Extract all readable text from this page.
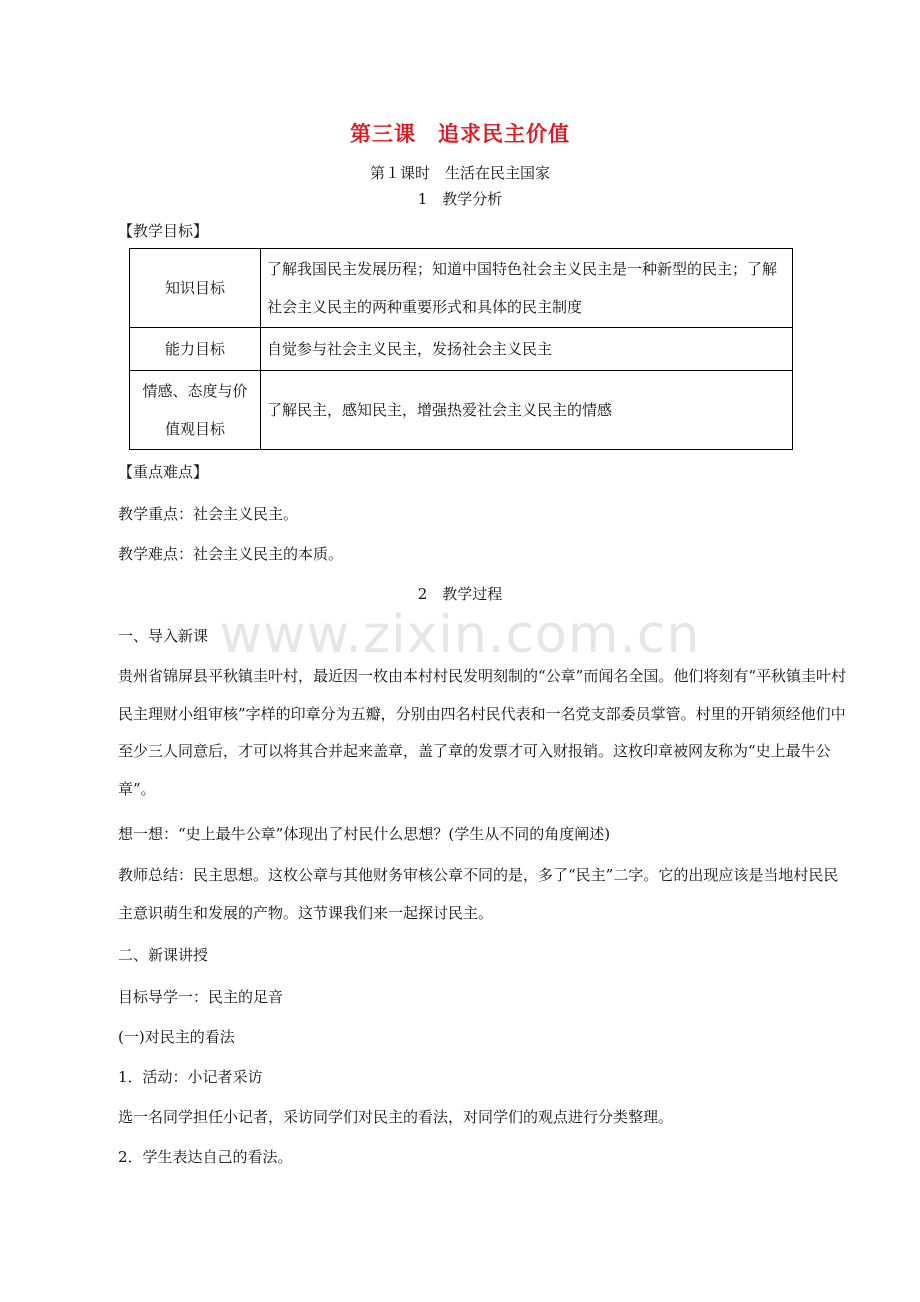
第三课　追求民主价值
第１课时　生活在民主国家
1　教学分析
【教学目标】
知识目标	了解我国民主发展历程；知道中国特色社会主义民主是一种新型的民主；了解社会主义民主的两种重要形式和具体的民主制度
能力目标	自觉参与社会主义民主，发扬社会主义民主
情感、态度与价值观目标	了解民主，感知民主，增强热爱社会主义民主的情感
【重点难点】
教学重点：社会主义民主。
教学难点：社会主义民主的本质。
2　教学过程
www.zixin.com.cn
一、导入新课
贵州省锦屏县平秋镇圭叶村，最近因一枚由本村村民发明刻制的“公章”而闻名全国。他们将刻有“平秋镇圭叶村民主理财小组审核”字样的印章分为五瓣，分别由四名村民代表和一名党支部委员掌管。村里的开销须经他们中至少三人同意后，才可以将其合并起来盖章，盖了章的发票才可入财报销。这枚印章被网友称为“史上最牛公章”。
想一想：“史上最牛公章”体现出了村民什么思想？(学生从不同的角度阐述)
教师总结：民主思想。这枚公章与其他财务审核公章不同的是，多了“民主”二字。它的出现应该是当地村民民主意识萌生和发展的产物。这节课我们来一起探讨民主。
二、新课讲授
目标导学一：民主的足音
(一)对民主的看法
1．活动：小记者采访
选一名同学担任小记者，采访同学们对民主的看法，对同学们的观点进行分类整理。
2．学生表达自己的看法。
